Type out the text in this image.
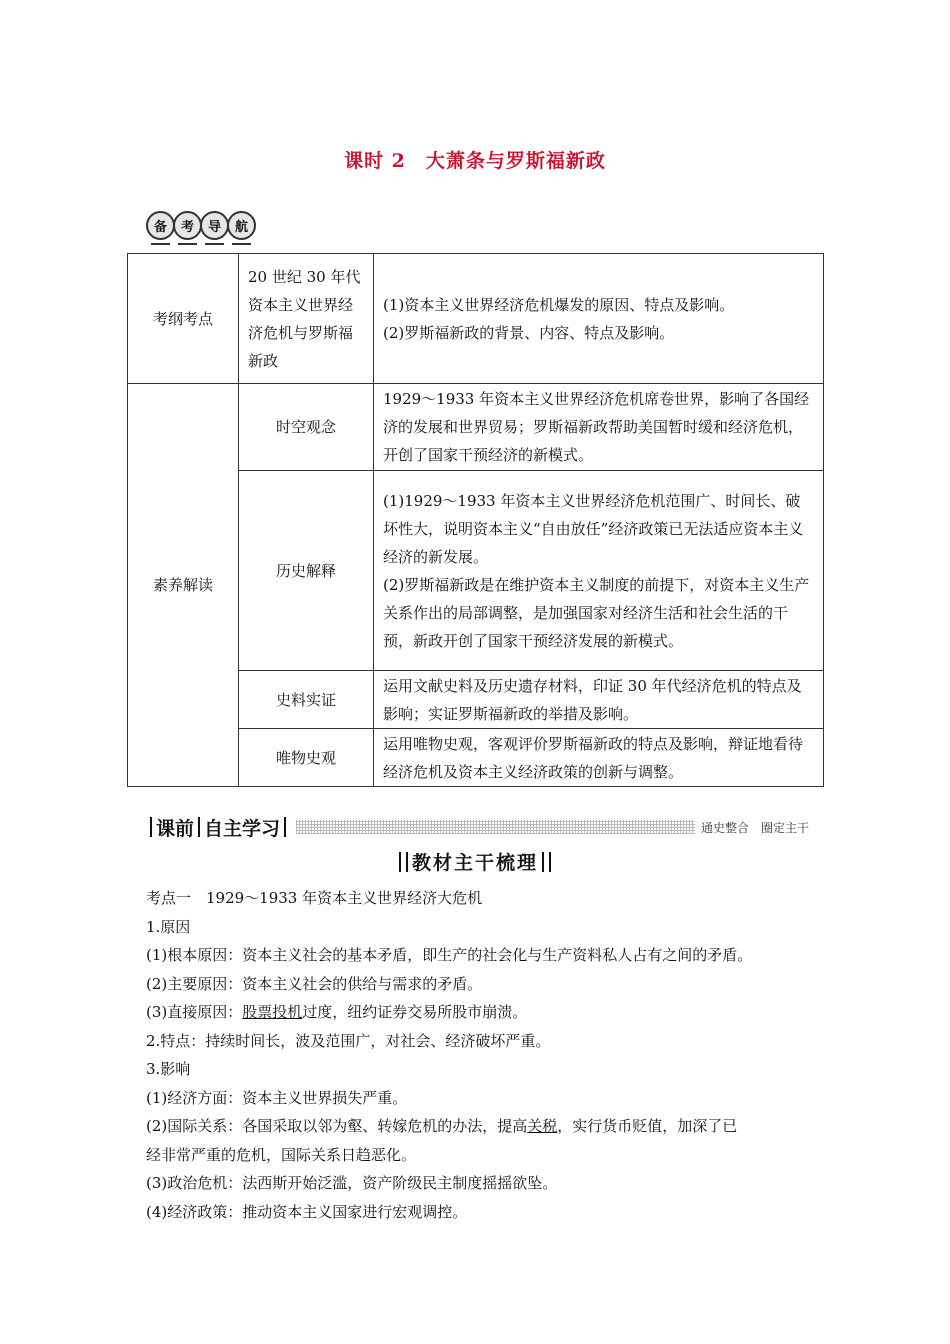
课时 2 大萧条与罗斯福新政
备	考	导	航
考纲考点	20 世纪 30 年代资本主义世界经济危机与罗斯福新政	(1)资本主义世界经济危机爆发的原因、特点及影响。
(2)罗斯福新政的背景、内容、特点及影响。

素养解读	时空观念	1929～1933 年资本主义世界经济危机席卷世界，影响了各国经济的发展和世界贸易；罗斯福新政帮助美国暂时缓和经济危机，开创了国家干预经济的新模式。
	历史解释	(1)1929～1933 年资本主义世界经济危机范围广、时间长、破坏性大，说明资本主义“自由放任”经济政策已无法适应资本主义经济的新发展。
(2)罗斯福新政是在维护资本主义制度的前提下，对资本主义生产关系作出的局部调整，是加强国家对经济生活和社会生活的干预，新政开创了国家干预经济发展的新模式。

	史料实证	运用文献史料及历史遗存材料，印证 30 年代经济危机的特点及影响；实证罗斯福新政的举措及影响。
	唯物史观	运用唯物史观，客观评价罗斯福新政的特点及影响，辩证地看待经济危机及资本主义经济政策的创新与调整。
课前 自主学习	通史整合　圈定主干
教材主干梳理

考点一　1929～1933 年资本主义世界经济大危机

1.原因

(1)根本原因：资本主义社会的基本矛盾，即生产的社会化与生产资料私人占有之间的矛盾。

(2)主要原因：资本主义社会的供给与需求的矛盾。

(3)直接原因：股票投机过度，纽约证券交易所股市崩溃。

2.特点：持续时间长，波及范围广，对社会、经济破坏严重。

3.影响

(1)经济方面：资本主义世界损失严重。

(2)国际关系：各国采取以邻为壑、转嫁危机的办法，提高关税，实行货币贬值，加深了已

经非常严重的危机，国际关系日趋恶化。

(3)政治危机：法西斯开始泛滥，资产阶级民主制度摇摇欲坠。

(4)经济政策：推动资本主义国家进行宏观调控。
